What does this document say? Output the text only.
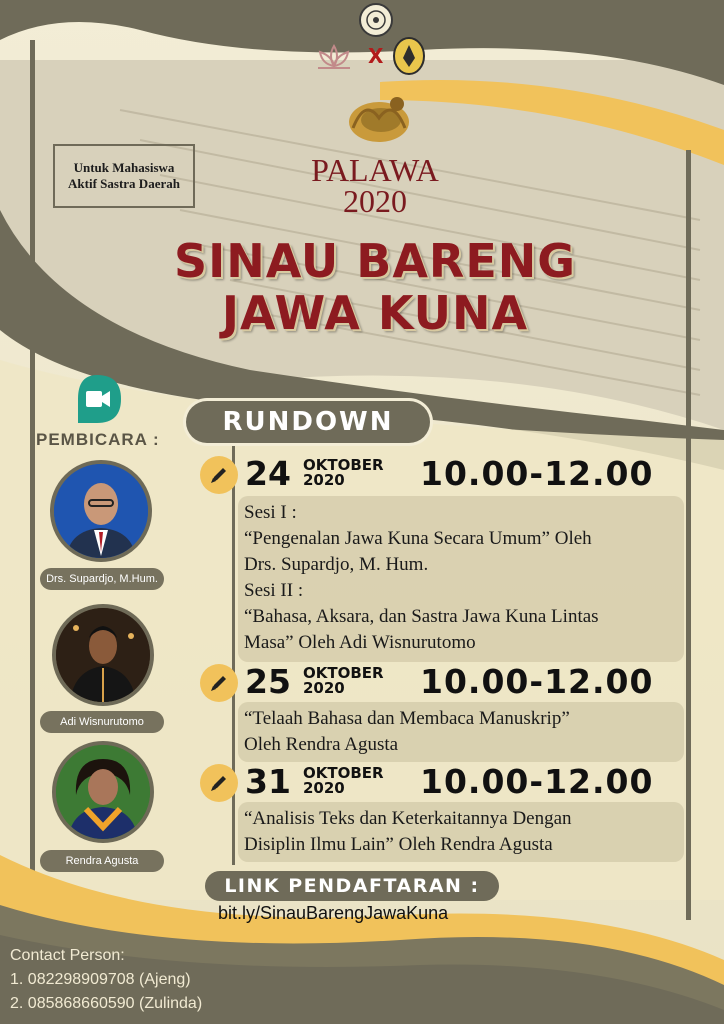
X
Untuk Mahasiswa
Aktif Sastra Daerah	PALAWA
2020
SINAU BARENG
JAWA KUNA
RUNDOWN
PEMBICARA :
Drs. Supardjo, M.Hum.
Adi Wisnurutomo
Rendra Agusta
24 OKTOBER
2020 10.00-12.00
Sesi I :
“Pengenalan Jawa Kuna Secara Umum” Oleh
Drs. Supardjo, M. Hum.
Sesi II :
“Bahasa, Aksara, dan Sastra Jawa Kuna Lintas
Masa” Oleh Adi Wisnurutomo
25 OKTOBER
2020 10.00-12.00
“Telaah Bahasa dan Membaca Manuskrip”
Oleh Rendra Agusta
31 OKTOBER
2020 10.00-12.00
“Analisis Teks dan Keterkaitannya Dengan
Disiplin Ilmu Lain” Oleh Rendra Agusta
LINK PENDAFTARAN :
bit.ly/SinauBarengJawaKuna
Contact Person:
1. 082298909708 (Ajeng)
2. 085868660590 (Zulinda)
